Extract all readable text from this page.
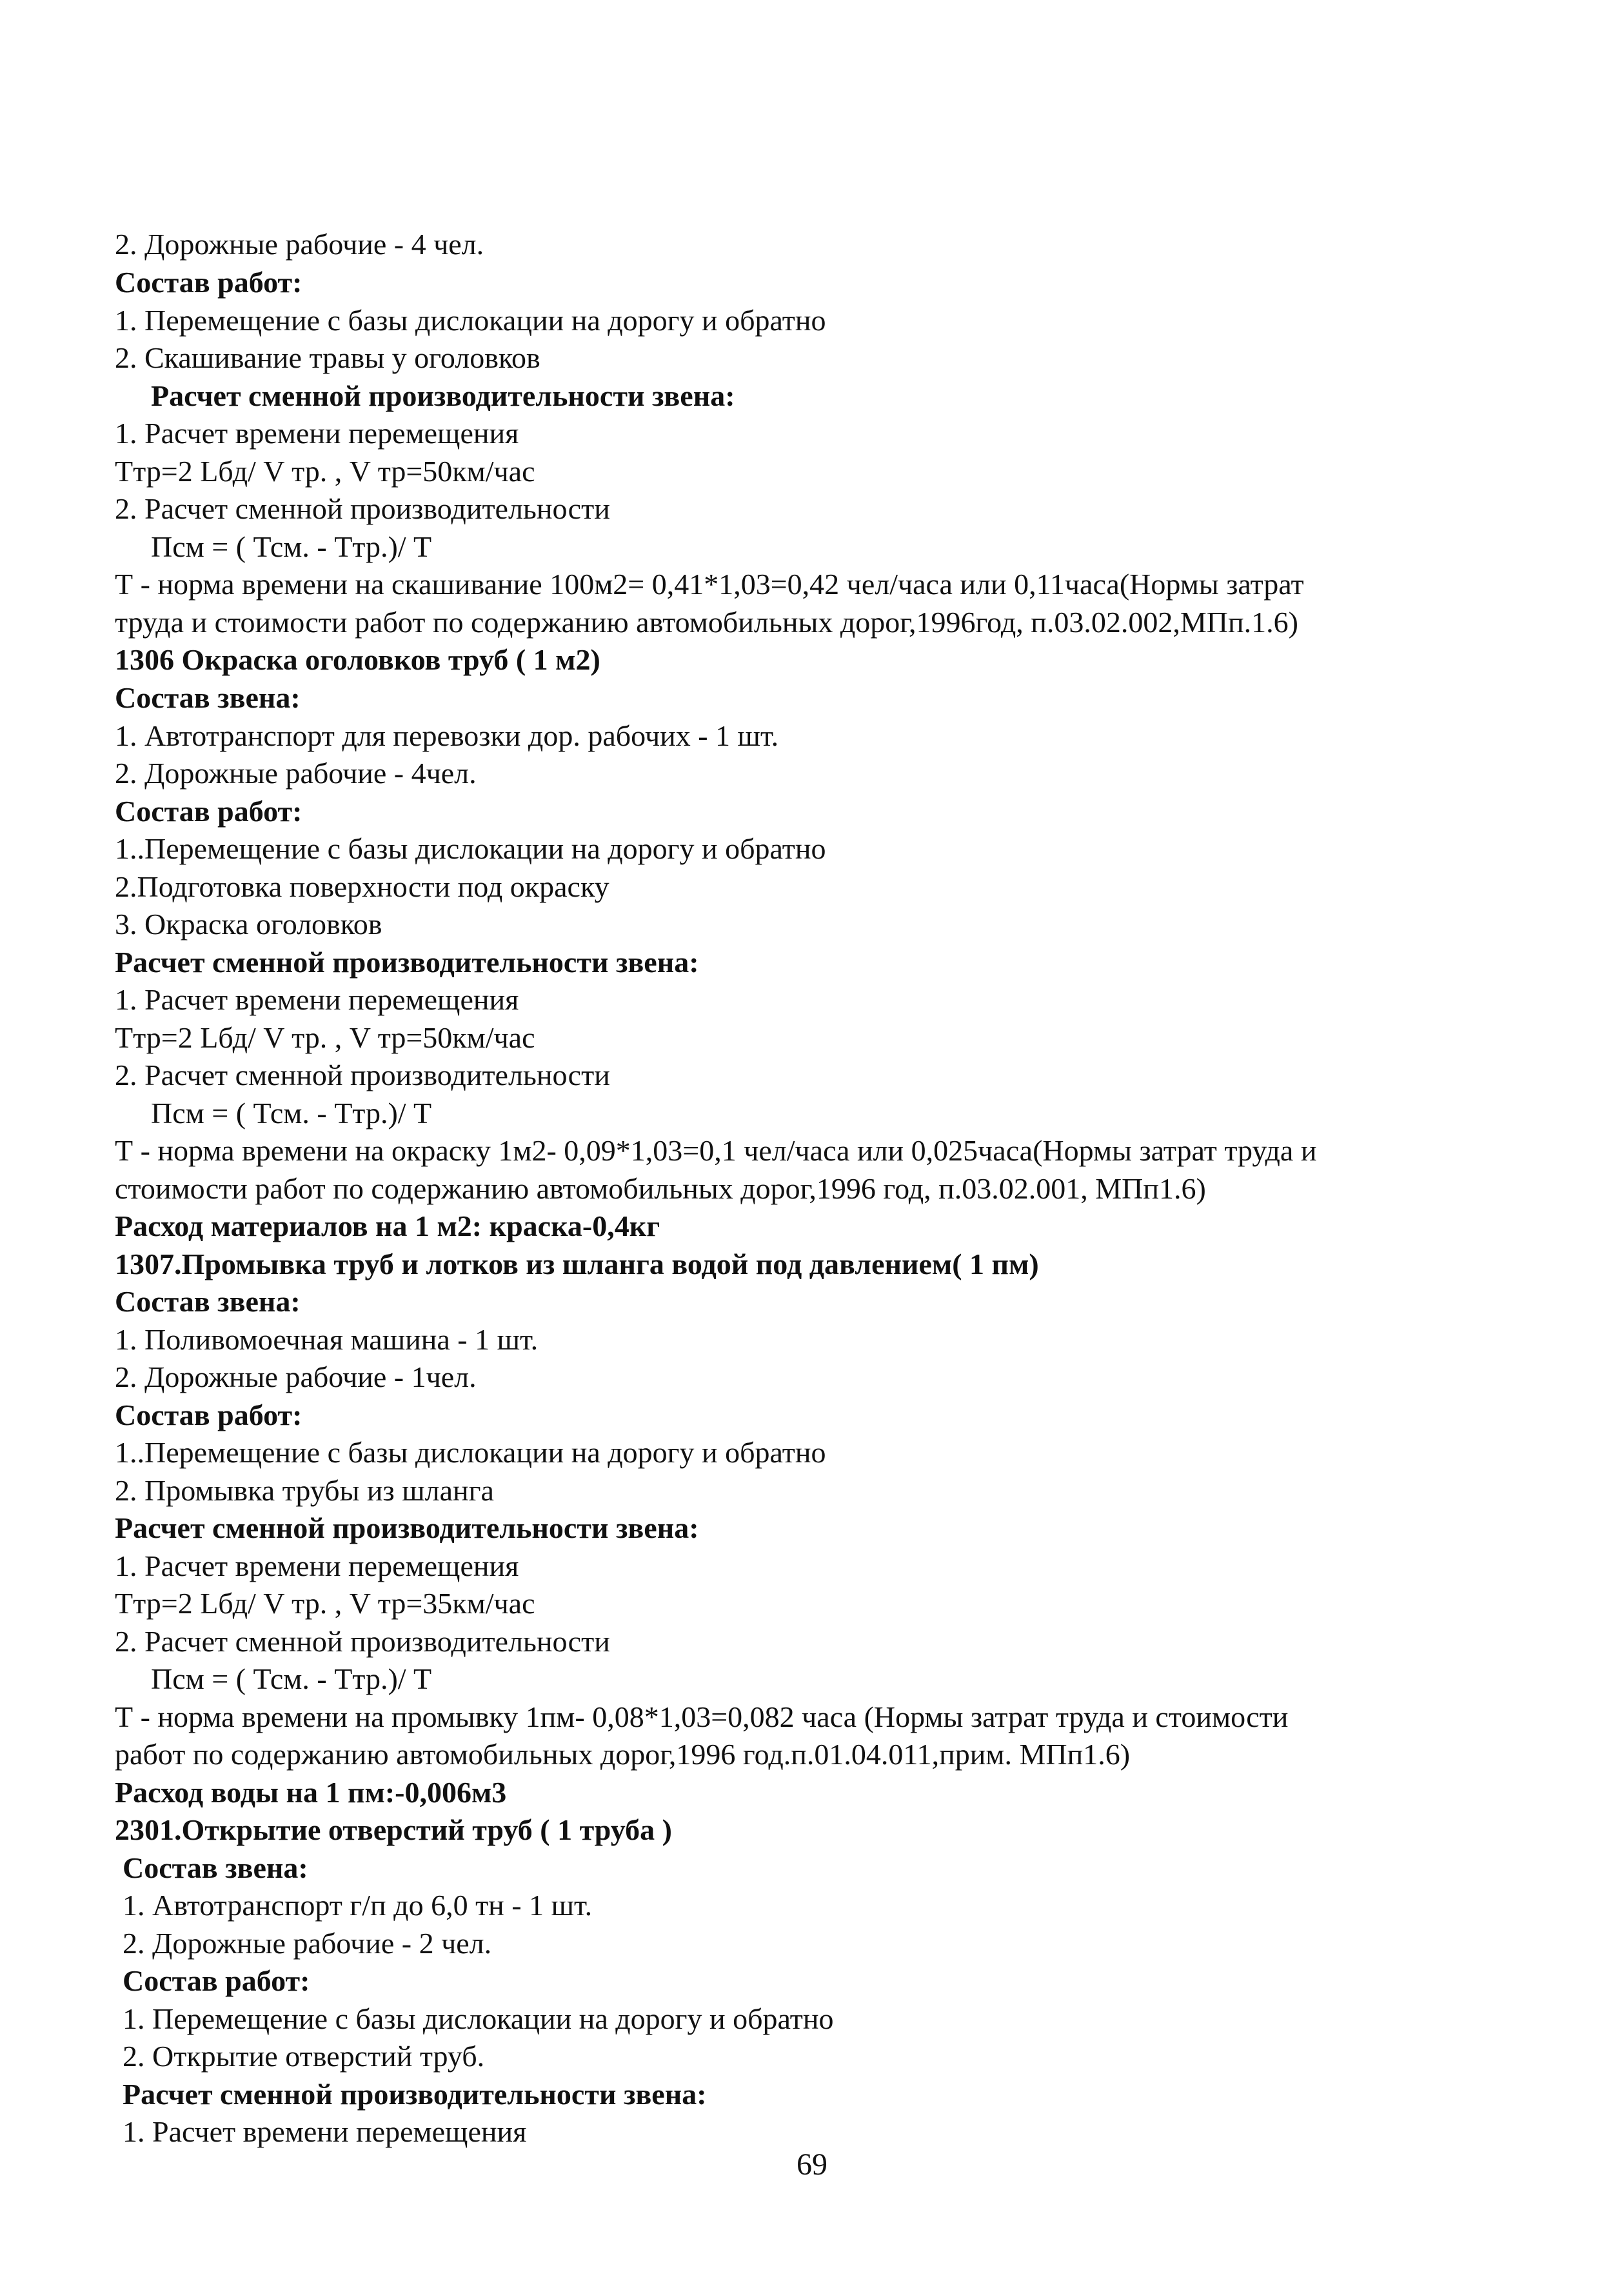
2. Дорожные рабочие - 4 чел.
Состав работ:
1. Перемещение с базы дислокации на дорогу и обратно
2. Скашивание травы у оголовков
Расчет сменной производительности звена:
1. Расчет времени перемещения
Ттр=2 Lбд/ V тр. , V тр=50км/час
2. Расчет сменной производительности
Псм = ( Тсм. - Ттр.)/ Т
Т - норма времени на скашивание 100м2= 0,41*1,03=0,42 чел/часа или 0,11часа(Нормы затрат
труда и стоимости работ по содержанию автомобильных дорог,1996год, п.03.02.002,МПп.1.6)
1306 Окраска оголовков труб ( 1 м2)
Состав звена:
1. Автотранспорт для перевозки дор. рабочих - 1 шт.
2. Дорожные рабочие - 4чел.
Состав работ:
1..Перемещение с базы дислокации на дорогу и обратно
2.Подготовка поверхности под окраску
3. Окраска оголовков
Расчет сменной производительности звена:
1. Расчет времени перемещения
Ттр=2 Lбд/ V тр. , V тр=50км/час
2. Расчет сменной производительности
Псм = ( Тсм. - Ттр.)/ Т
Т - норма времени на окраску 1м2- 0,09*1,03=0,1 чел/часа или 0,025часа(Нормы затрат труда и
стоимости работ по содержанию автомобильных дорог,1996 год, п.03.02.001, МПп1.6)
Расход материалов на 1 м2: краска-0,4кг
1307.Промывка труб и лотков из шланга водой под давлением( 1 пм)
Состав звена:
1. Поливомоечная машина - 1 шт.
2. Дорожные рабочие - 1чел.
Состав работ:
1..Перемещение с базы дислокации на дорогу и обратно
2. Промывка трубы из шланга
Расчет сменной производительности звена:
1. Расчет времени перемещения
Ттр=2 Lбд/ V тр. , V тр=35км/час
2. Расчет сменной производительности
Псм = ( Тсм. - Ттр.)/ Т
Т - норма времени на промывку 1пм- 0,08*1,03=0,082 часа (Нормы затрат труда и стоимости
работ по содержанию автомобильных дорог,1996 год.п.01.04.011,прим. МПп1.6)
Расход воды на 1 пм:-0,006м3
2301.Открытие отверстий труб ( 1 труба )
Состав звена:
1. Автотранспорт г/п до 6,0 тн - 1 шт.
2. Дорожные рабочие - 2 чел.
Состав работ:
1. Перемещение с базы дислокации на дорогу и обратно
2. Открытие отверстий труб.
Расчет сменной производительности звена:
1. Расчет времени перемещения
69
